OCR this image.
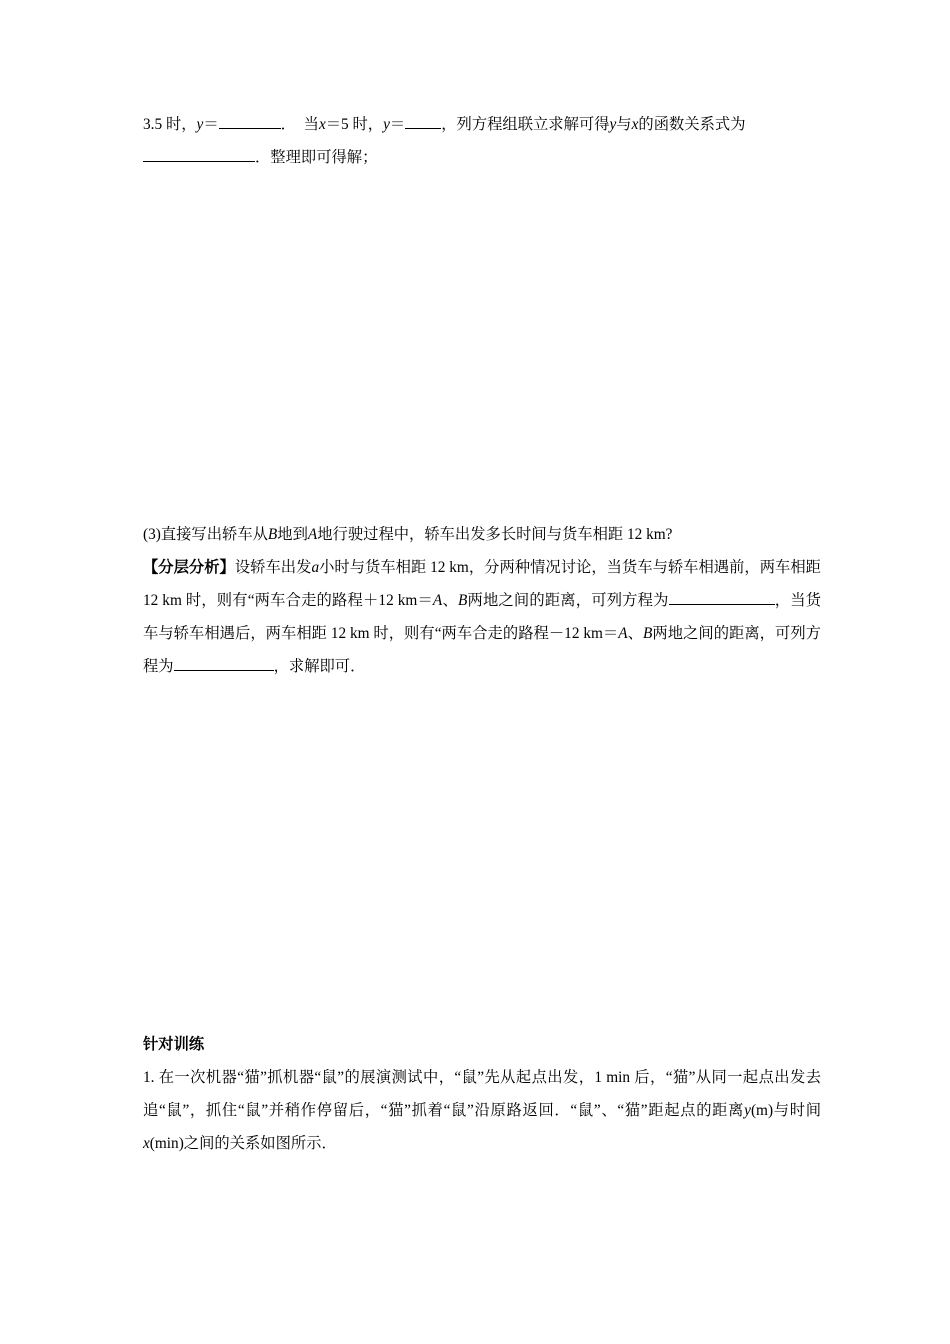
3.5 时，y＝	． 当x＝5 时，y＝ ，列方程组联立求解可得y与x的函数关系式为
．整理即可得解；

(3)直接写出轿车从B地到A地行驶过程中，轿车出发多长时间与货车相距 12 km?

【分层分析】设轿车出发a小时与货车相距 12 km，分两种情况讨论，当货车与轿车相遇前，两车相距 12 km 时，则有“两车合走的路程＋12 km＝A、B两地之间的距离，可列方程为	，当货车与轿车相遇后，两车相距 12 km 时，则有“两车合走的路程－12 km＝A、B两地之间的距离，可列方程为	，求解即可．

针对训练

1. 在一次机器“猫”抓机器“鼠”的展演测试中，“鼠”先从起点出发，1 min 后，“猫”从同一起点出发去追“鼠”，抓住“鼠”并稍作停留后，“猫”抓着“鼠”沿原路返回．“鼠”、“猫”距起点的距离y(m)与时间x(min)之间的关系如图所示．
